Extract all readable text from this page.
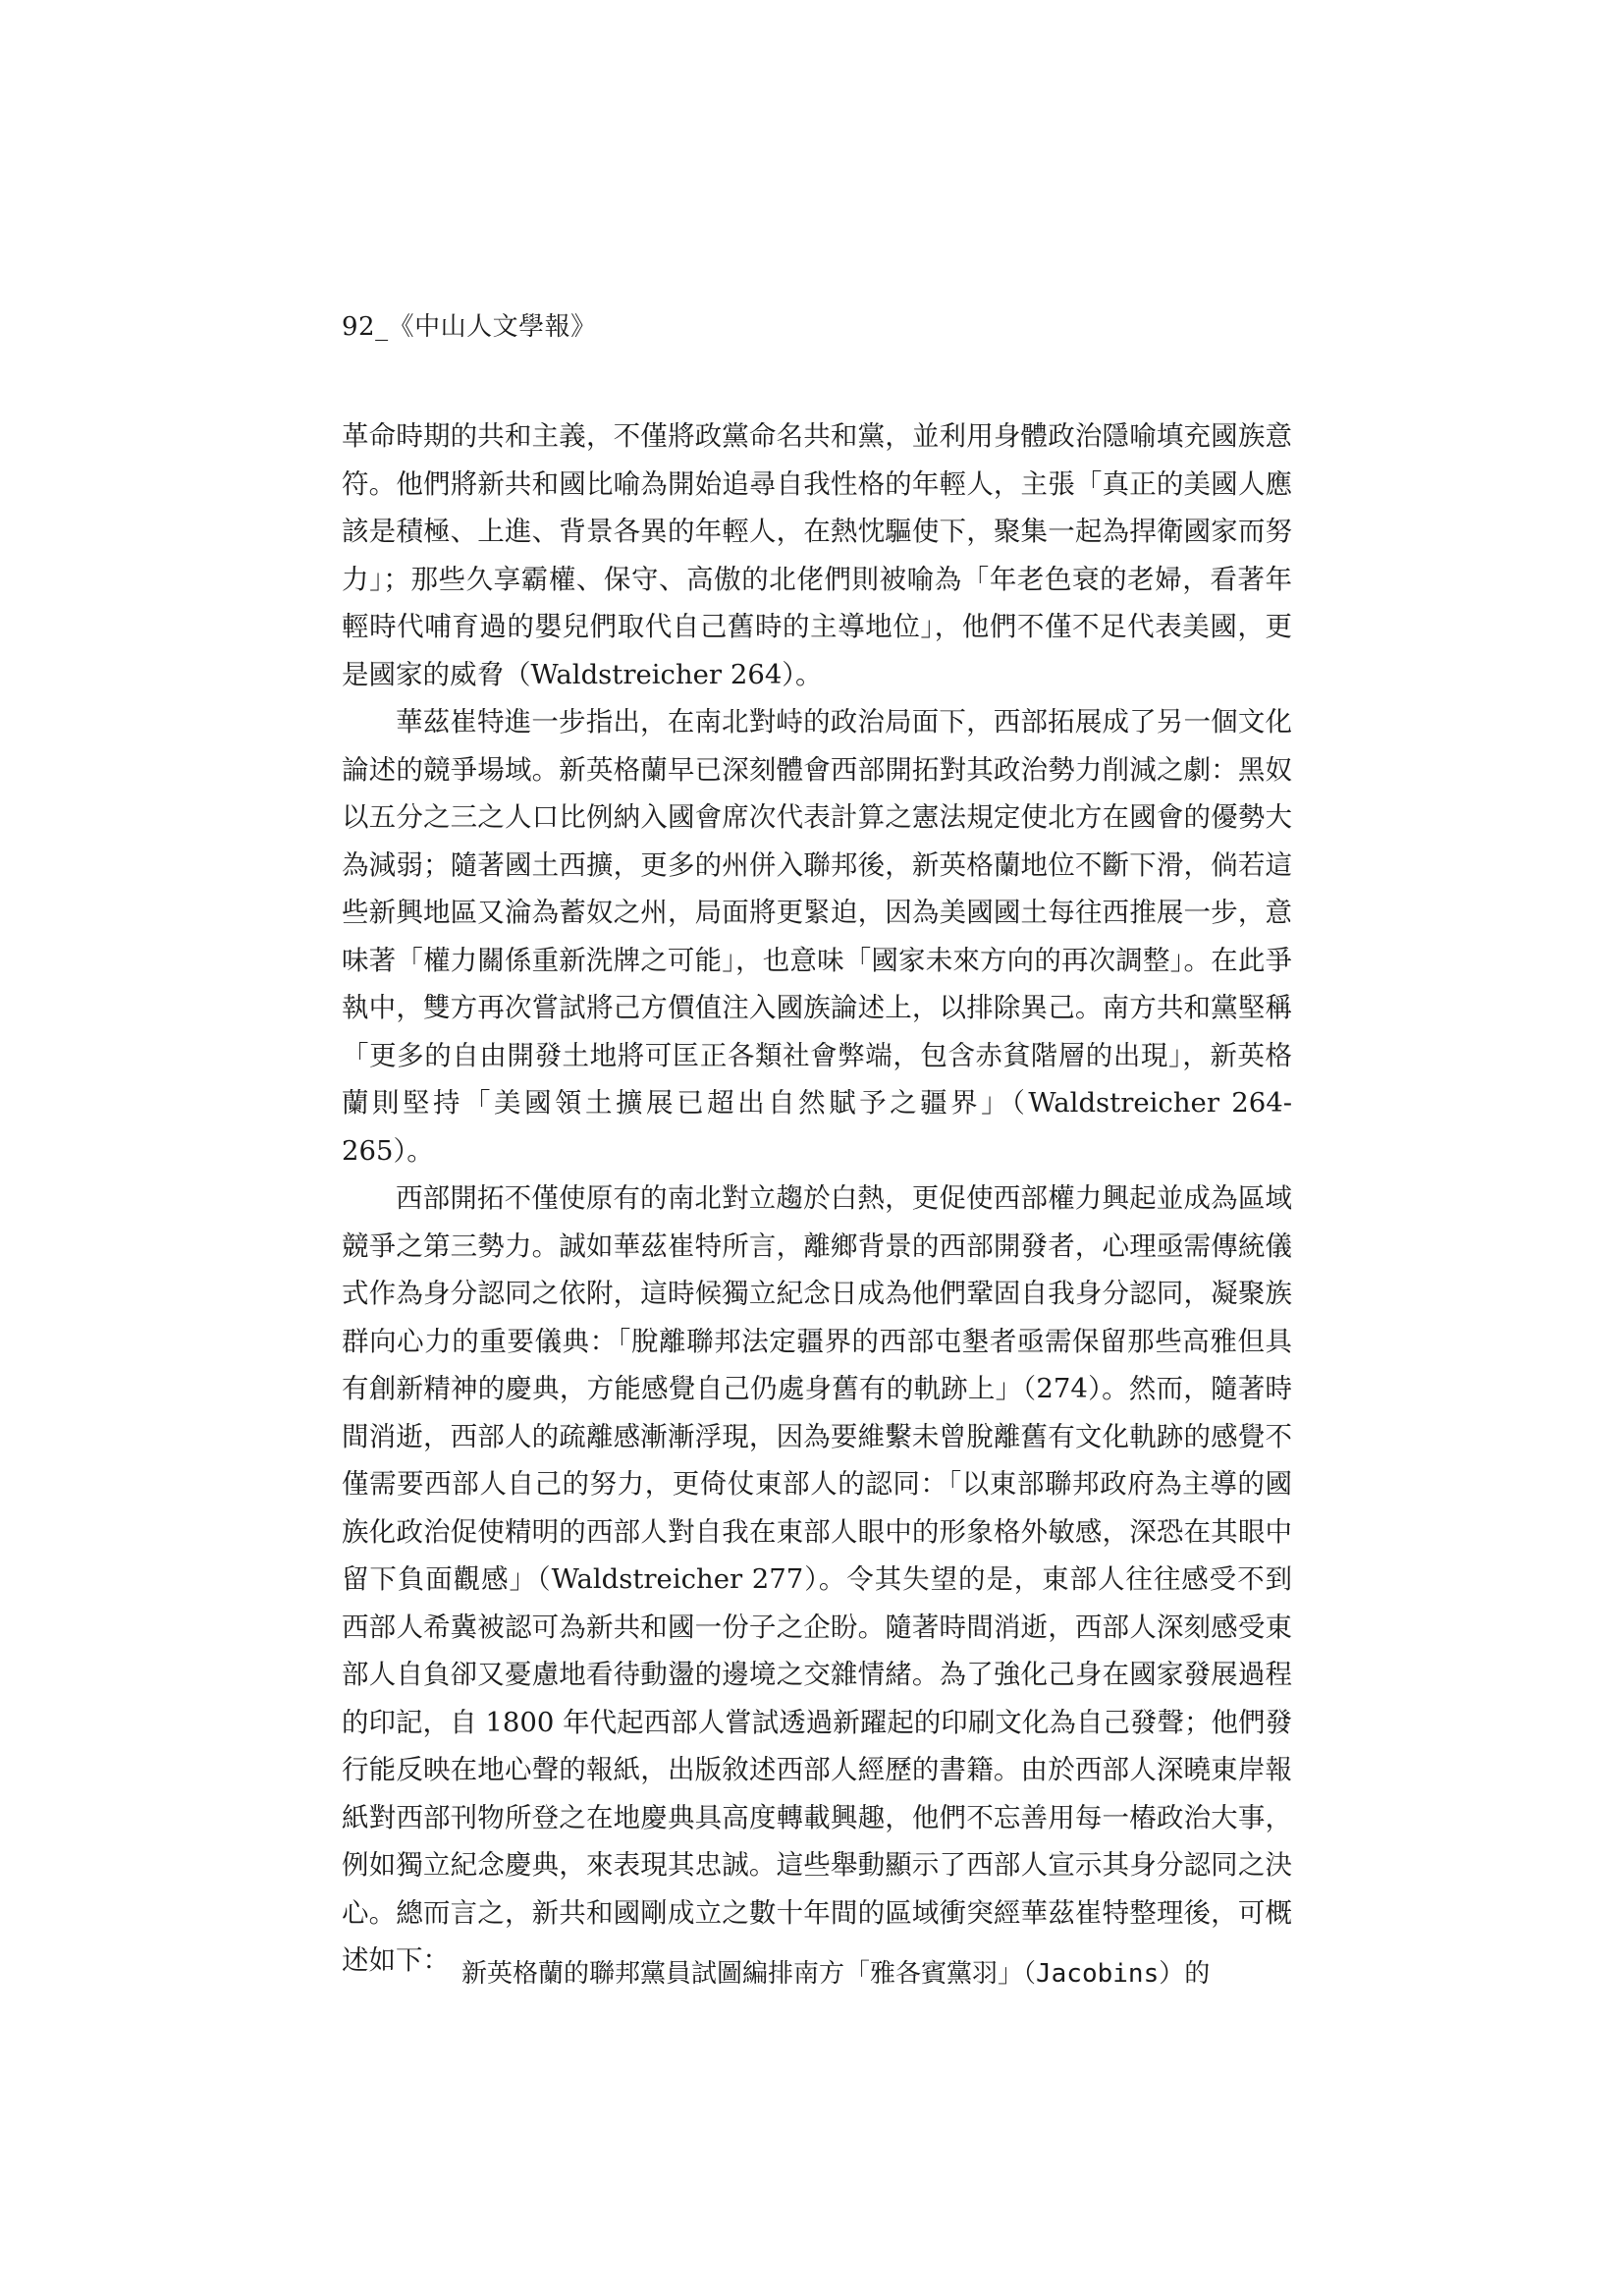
92_《中山人文學報》

革命時期的共和主義，不僅將政黨命名共和黨，並利用身體政治隱喻填充國族意符。他們將新共和國比喻為開始追尋自我性格的年輕人，主張「真正的美國人應該是積極、上進、背景各異的年輕人，在熱忱驅使下，聚集一起為捍衛國家而努力」；那些久享霸權、保守、高傲的北佬們則被喻為「年老色衰的老婦，看著年輕時代哺育過的嬰兒們取代自己舊時的主導地位」，他們不僅不足代表美國，更是國家的威脅（Waldstreicher 264）。

華茲崔特進一步指出，在南北對峙的政治局面下，西部拓展成了另一個文化論述的競爭場域。新英格蘭早已深刻體會西部開拓對其政治勢力削減之劇：黑奴以五分之三之人口比例納入國會席次代表計算之憲法規定使北方在國會的優勢大為減弱；隨著國土西擴，更多的州併入聯邦後，新英格蘭地位不斷下滑，倘若這些新興地區又淪為蓄奴之州，局面將更緊迫，因為美國國土每往西推展一步，意味著「權力關係重新洗牌之可能」，也意味「國家未來方向的再次調整」。在此爭執中，雙方再次嘗試將己方價值注入國族論述上，以排除異己。南方共和黨堅稱「更多的自由開發土地將可匡正各類社會弊端，包含赤貧階層的出現」，新英格蘭則堅持「美國領土擴展已超出自然賦予之疆界」（Waldstreicher 264-265）。

西部開拓不僅使原有的南北對立趨於白熱，更促使西部權力興起並成為區域競爭之第三勢力。誠如華茲崔特所言，離鄉背景的西部開發者，心理亟需傳統儀式作為身分認同之依附，這時候獨立紀念日成為他們鞏固自我身分認同，凝聚族群向心力的重要儀典：「脫離聯邦法定疆界的西部屯墾者亟需保留那些高雅但具有創新精神的慶典，方能感覺自己仍處身舊有的軌跡上」（274）。然而，隨著時間消逝，西部人的疏離感漸漸浮現，因為要維繫未曾脫離舊有文化軌跡的感覺不僅需要西部人自己的努力，更倚仗東部人的認同：「以東部聯邦政府為主導的國族化政治促使精明的西部人對自我在東部人眼中的形象格外敏感，深恐在其眼中留下負面觀感」（Waldstreicher 277）。令其失望的是，東部人往往感受不到西部人希冀被認可為新共和國一份子之企盼。隨著時間消逝，西部人深刻感受東部人自負卻又憂慮地看待動盪的邊境之交雜情緒。為了強化己身在國家發展過程的印記，自 1800 年代起西部人嘗試透過新躍起的印刷文化為自己發聲；他們發行能反映在地心聲的報紙，出版敘述西部人經歷的書籍。由於西部人深曉東岸報紙對西部刊物所登之在地慶典具高度轉載興趣，他們不忘善用每一樁政治大事，例如獨立紀念慶典，來表現其忠誠。這些舉動顯示了西部人宣示其身分認同之決心。總而言之，新共和國剛成立之數十年間的區域衝突經華茲崔特整理後，可概述如下： 新英格蘭的聯邦黨員試圖編排南方「雅各賓黨羽」（Jacobins）的
